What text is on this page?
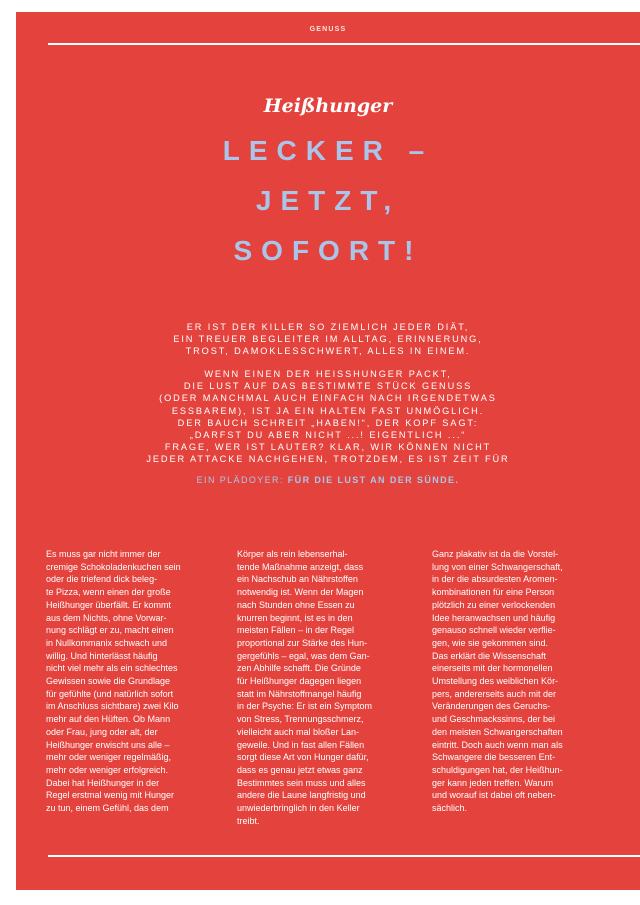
GENUSS
Heißhunger
LECKER –
JETZT,
SOFORT!
ER IST DER KILLER SO ZIEMLICH JEDER DIÄT,
EIN TREUER BEGLEITER IM ALLTAG, ERINNERUNG,
TROST, DAMOKLESSCHWERT, ALLES IN EINEM.
WENN EINEN DER HEISSHUNGER PACKT,
DIE LUST AUF DAS BESTIMMTE STÜCK GENUSS
(ODER MANCHMAL AUCH EINFACH NACH IRGENDETWAS
ESSBAREM), IST JA EIN HALTEN FAST UNMÖGLICH.
DER BAUCH SCHREIT „HABEN!“, DER KOPF SAGT:
„DARFST DU ABER NICHT ...! EIGENTLICH ...“
FRAGE, WER IST LAUTER? KLAR, WIR KÖNNEN NICHT
JEDER ATTACKE NACHGEHEN, TROTZDEM, ES IST ZEIT FÜR
EIN PLÄDOYER: FÜR DIE LUST AN DER SÜNDE.
Es muss gar nicht immer der
cremige Schokoladenkuchen sein
oder die triefend dick beleg-
te Pizza, wenn einen der große
Heißhunger überfällt. Er kommt
aus dem Nichts, ohne Vorwar-
nung schlägt er zu, macht einen
in Nullkommanix schwach und
willig. Und hinterlässt häufig
nicht viel mehr als ein schlechtes
Gewissen sowie die Grundlage
für gefühlte (und natürlich sofort
im Anschluss sichtbare) zwei Kilo
mehr auf den Hüften. Ob Mann
oder Frau, jung oder alt, der
Heißhunger erwischt uns alle –
mehr oder weniger regelmäßig,
mehr oder weniger erfolgreich.
Dabei hat Heißhunger in der
Regel erstmal wenig mit Hunger
zu tun, einem Gefühl, das dem
Körper als rein lebenserhal-
tende Maßnahme anzeigt, dass
ein Nachschub an Nährstoffen
notwendig ist. Wenn der Magen
nach Stunden ohne Essen zu
knurren beginnt, ist es in den
meisten Fällen – in der Regel
proportional zur Stärke des Hun-
gergefühls – egal, was dem Gan-
zen Abhilfe schafft. Die Gründe
für Heißhunger dagegen liegen
statt im Nährstoffmangel häufig
in der Psyche: Er ist ein Symptom
von Stress, Trennungsschmerz,
vielleicht auch mal bloßer Lan-
geweile. Und in fast allen Fällen
sorgt diese Art von Hunger dafür,
dass es genau jetzt etwas ganz
Bestimmtes sein muss und alles
andere die Laune langfristig und
unwiederbringlich in den Keller
treibt.
Ganz plakativ ist da die Vorstel-
lung von einer Schwangerschaft,
in der die absurdesten Aromen-
kombinationen für eine Person
plötzlich zu einer verlockenden
Idee heranwachsen und häufig
genauso schnell wieder verflie-
gen, wie sie gekommen sind.
Das erklärt die Wissenschaft
einerseits mit der hormonellen
Umstellung des weiblichen Kör-
pers, andererseits auch mit der
Veränderungen des Geruchs-
und Geschmackssinns, der bei
den meisten Schwangerschaften
eintritt. Doch auch wenn man als
Schwangere die besseren Ent-
schuldigungen hat, der Heißhun-
ger kann jeden treffen. Warum
und worauf ist dabei oft neben-
sächlich.
